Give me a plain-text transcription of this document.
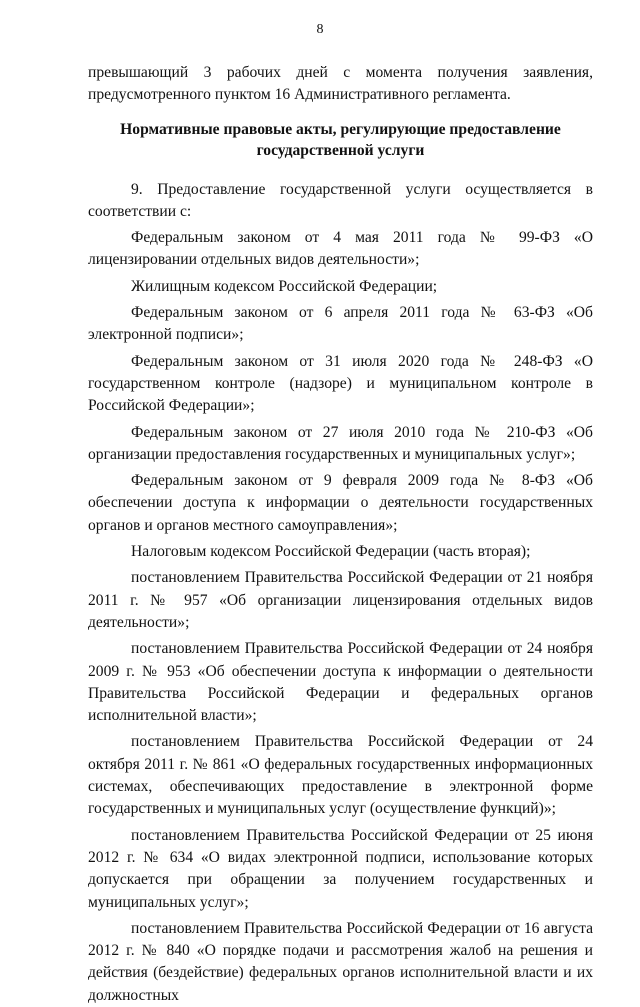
8

превышающий 3 рабочих дней с момента получения заявления, предусмотренного пунктом 16 Административного регламента.

Нормативные правовые акты, регулирующие предоставление
государственной услуги

9. Предоставление государственной услуги осуществляется в соответствии с:

Федеральным законом от 4 мая 2011 года № 99-ФЗ «О лицензировании отдельных видов деятельности»;

Жилищным кодексом Российской Федерации;

Федеральным законом от 6 апреля 2011 года № 63-ФЗ «Об электронной подписи»;

Федеральным законом от 31 июля 2020 года № 248-ФЗ «О государственном контроле (надзоре) и муниципальном контроле в Российской Федерации»;

Федеральным законом от 27 июля 2010 года № 210-ФЗ «Об организации предоставления государственных и муниципальных услуг»;

Федеральным законом от 9 февраля 2009 года № 8-ФЗ «Об обеспечении доступа к информации о деятельности государственных органов и органов местного самоуправления»;

Налоговым кодексом Российской Федерации (часть вторая);

постановлением Правительства Российской Федерации от 21 ноября 2011 г. № 957 «Об организации лицензирования отдельных видов деятельности»;

постановлением Правительства Российской Федерации от 24 ноября 2009 г. № 953 «Об обеспечении доступа к информации о деятельности Правительства Российской Федерации и федеральных органов исполнительной власти»;

постановлением Правительства Российской Федерации от 24 октября 2011 г. № 861 «О федеральных государственных информационных системах, обеспечивающих предоставление в электронной форме государственных и муниципальных услуг (осуществление функций)»;

постановлением Правительства Российской Федерации от 25 июня 2012 г. № 634 «О видах электронной подписи, использование которых допускается при обращении за получением государственных и муниципальных услуг»;

постановлением Правительства Российской Федерации от 16 августа 2012 г. № 840 «О порядке подачи и рассмотрения жалоб на решения и действия (бездействие) федеральных органов исполнительной власти и их должностных
